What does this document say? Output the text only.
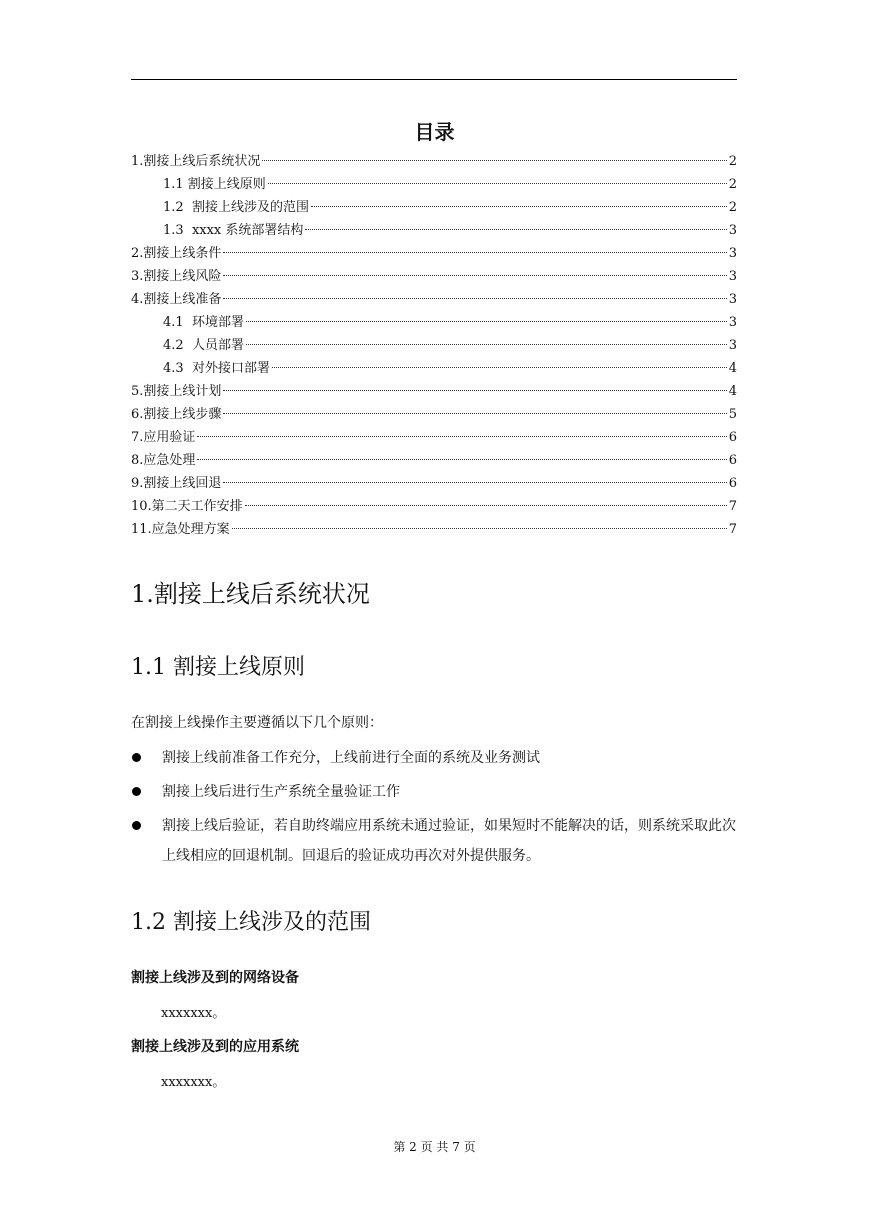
目录
1.割接上线后系统状况	2
1.1 割接上线原则	2
1.2  割接上线涉及的范围	2
1.3  xxxx 系统部署结构	3
2.割接上线条件	3
3.割接上线风险	3
4.割接上线准备	3
4.1  环境部署	3
4.2  人员部署	3
4.3  对外接口部署	4
5.割接上线计划	4
6.割接上线步骤	5
7.应用验证	6
8.应急处理	6
9.割接上线回退	6
10.第二天工作安排	7
11.应急处理方案	7
1.割接上线后系统状况
1.1 割接上线原则
在割接上线操作主要遵循以下几个原则：
割接上线前准备工作充分，上线前进行全面的系统及业务测试
割接上线后进行生产系统全量验证工作
割接上线后验证，若自助终端应用系统未通过验证，如果短时不能解决的话，则系统采取此次上线相应的回退机制。回退后的验证成功再次对外提供服务。
1.2 割接上线涉及的范围
割接上线涉及到的网络设备
xxxxxxx。
割接上线涉及到的应用系统
xxxxxxx。
第 2 页 共 7 页
